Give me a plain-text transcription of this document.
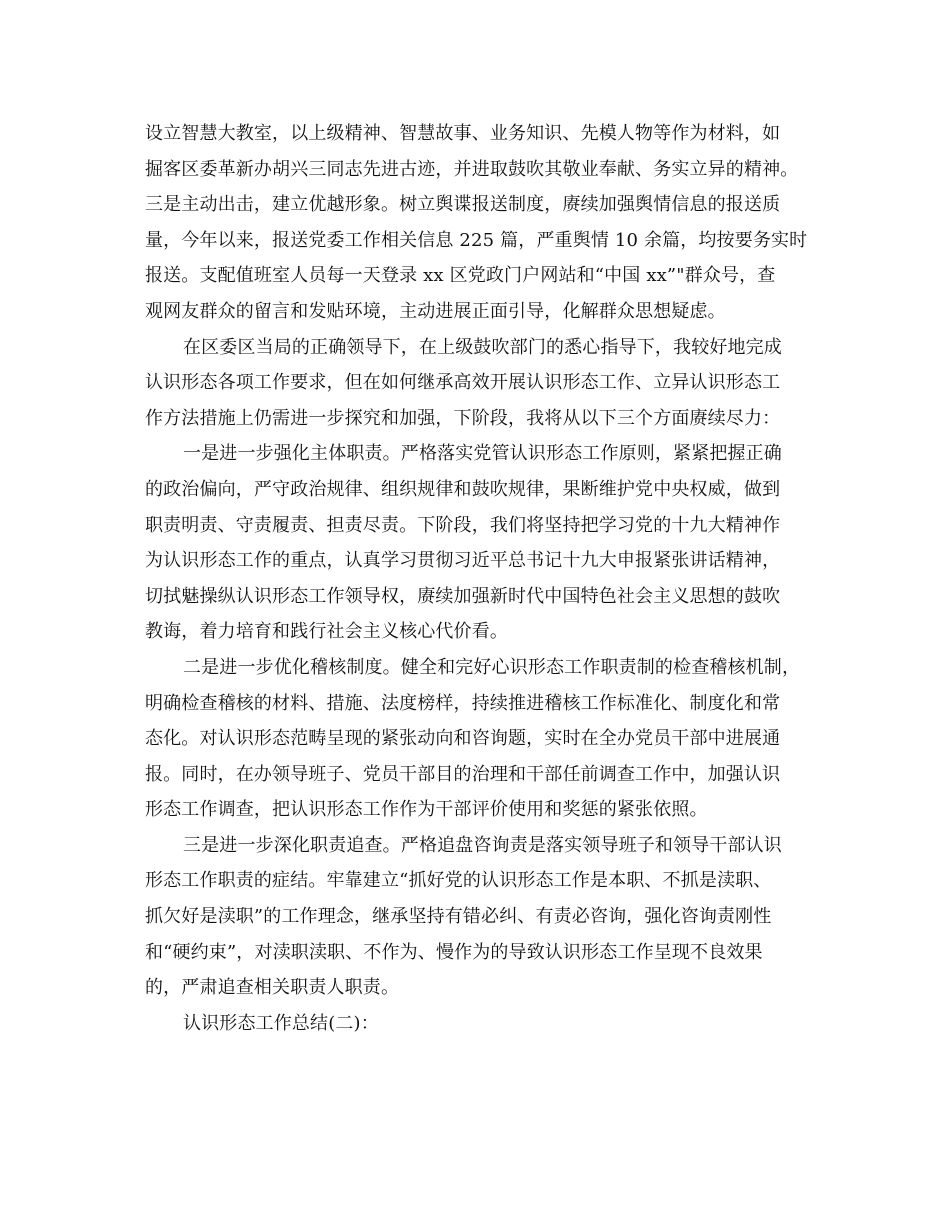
设立智慧大教室，以上级精神、智慧故事、业务知识、先模人物等作为材料，如
掘客区委革新办胡兴三同志先进古迹，并进取鼓吹其敬业奉献、务实立异的精神。
三是主动出击，建立优越形象。树立舆谍报送制度，赓续加强舆情信息的报送质
量，今年以来，报送党委工作相关信息 225 篇，严重舆情 10 余篇，均按要务实时
报送。支配值班室人员每一天登录 xx 区党政门户网站和“中国 xx”"群众号，查
观网友群众的留言和发贴环境，主动进展正面引导，化解群众思想疑虑。
在区委区当局的正确领导下，在上级鼓吹部门的悉心指导下，我较好地完成
认识形态各项工作要求，但在如何继承高效开展认识形态工作、立异认识形态工
作方法措施上仍需进一步探究和加强，下阶段，我将从以下三个方面赓续尽力：
一是进一步强化主体职责。严格落实党管认识形态工作原则，紧紧把握正确
的政治偏向，严守政治规律、组织规律和鼓吹规律，果断维护党中央权威，做到
职责明责、守责履责、担责尽责。下阶段，我们将坚持把学习党的十九大精神作
为认识形态工作的重点，认真学习贯彻习近平总书记十九大申报紧张讲话精神，
切拭魅操纵认识形态工作领导权，赓续加强新时代中国特色社会主义思想的鼓吹
教诲，着力培育和践行社会主义核心代价看。
二是进一步优化稽核制度。健全和完好心识形态工作职责制的检查稽核机制，
明确检查稽核的材料、措施、法度榜样，持续推进稽核工作标准化、制度化和常
态化。对认识形态范畴呈现的紧张动向和咨询题，实时在全办党员干部中进展通
报。同时，在办领导班子、党员干部目的治理和干部任前调查工作中，加强认识
形态工作调查，把认识形态工作作为干部评价使用和奖惩的紧张依照。
三是进一步深化职责追查。严格追盘咨询责是落实领导班子和领导干部认识
形态工作职责的症结。牢靠建立“抓好党的认识形态工作是本职、不抓是渎职、
抓欠好是渎职”的工作理念，继承坚持有错必纠、有责必咨询，强化咨询责刚性
和“硬约束”，对渎职渎职、不作为、慢作为的导致认识形态工作呈现不良效果
的，严肃追查相关职责人职责。
认识形态工作总结(二)：
